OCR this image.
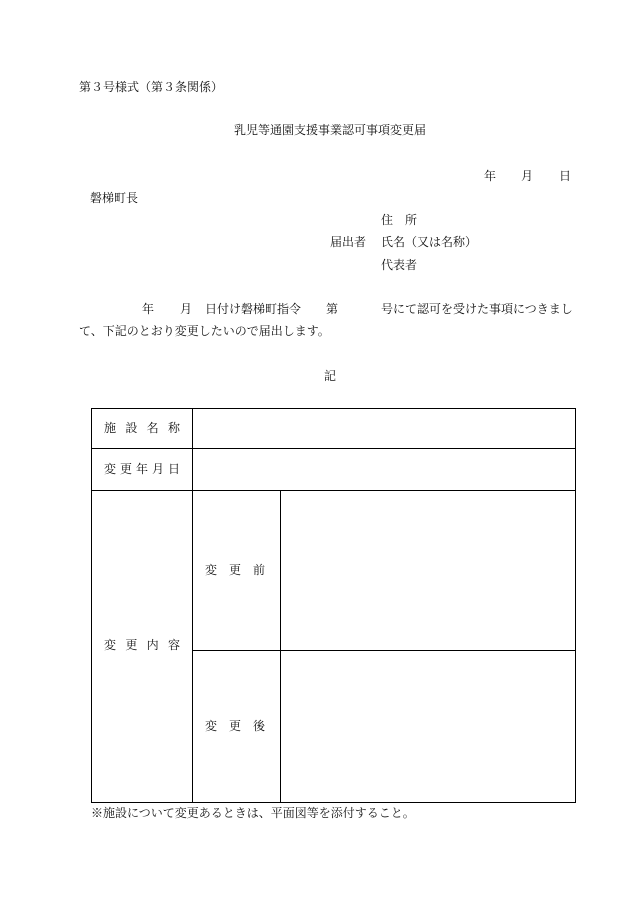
第３号様式（第３条関係）
乳児等通園支援事業認可事項変更届
年 月 日
磐梯町長
住　所
届出者 氏名（又は名称）
代表者
年 月 日付け磐梯町指令 第	号にて認可を受けた事項につきまし
て、下記のとおり変更したいので届出します。
記
施 設 名 称
変 更 年 月 日
変 更 内 容
変　更　前
変　更　後
※施設について変更あるときは、平面図等を添付すること。
